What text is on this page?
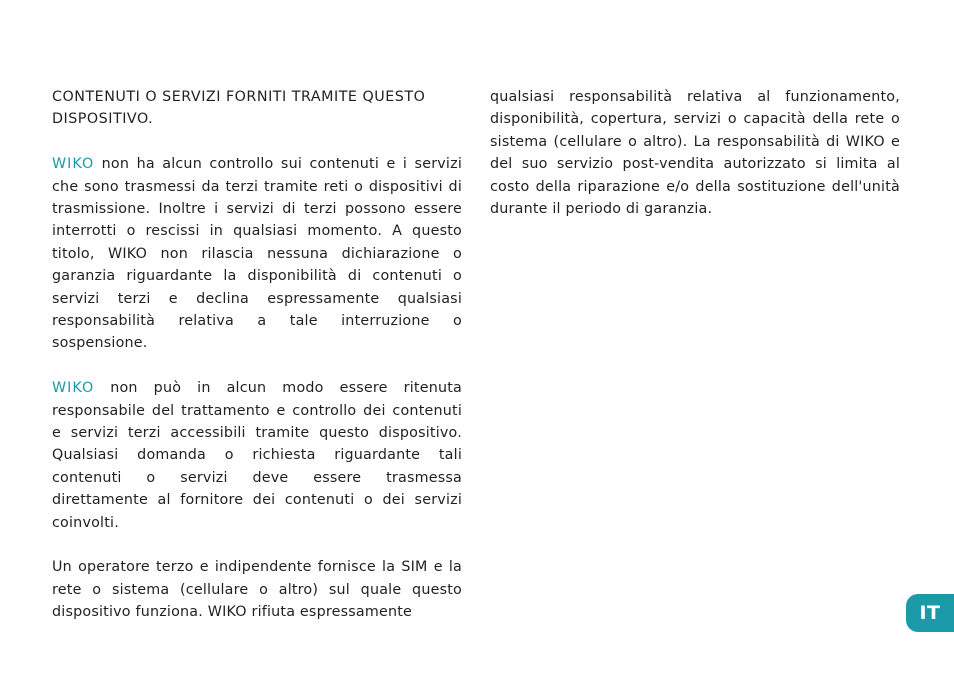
CONTENUTI O SERVIZI FORNITI TRAMITE QUESTO DISPOSITIVO.

WIKO non ha alcun controllo sui contenuti e i servizi che sono trasmessi da terzi tramite reti o dispositivi di trasmissione. Inoltre i servizi di terzi possono essere interrotti o rescissi in qualsiasi momento. A questo titolo, WIKO non rilascia nessuna dichiarazione o garanzia riguardante la disponibilità di contenuti o servizi terzi e declina espressamente qualsiasi responsabilità relativa a tale interruzione o sospensione.

WIKO non può in alcun modo essere ritenuta responsabile del trattamento e controllo dei contenuti e servizi terzi accessibili tramite questo dispositivo. Qualsiasi domanda o richiesta riguardante tali contenuti o servizi deve essere trasmessa direttamente al fornitore dei contenuti o dei servizi coinvolti.

Un operatore terzo e indipendente fornisce la SIM e la rete o sistema (cellulare o altro) sul quale questo dispositivo funziona. WIKO rifiuta espressamente

qualsiasi responsabilità relativa al funzionamento, disponibilità, copertura, servizi o capacità della rete o sistema (cellulare o altro). La responsabilità di WIKO e del suo servizio post-vendita autorizzato si limita al costo della riparazione e/o della sostituzione dell'unità durante il periodo di garanzia.

IT
